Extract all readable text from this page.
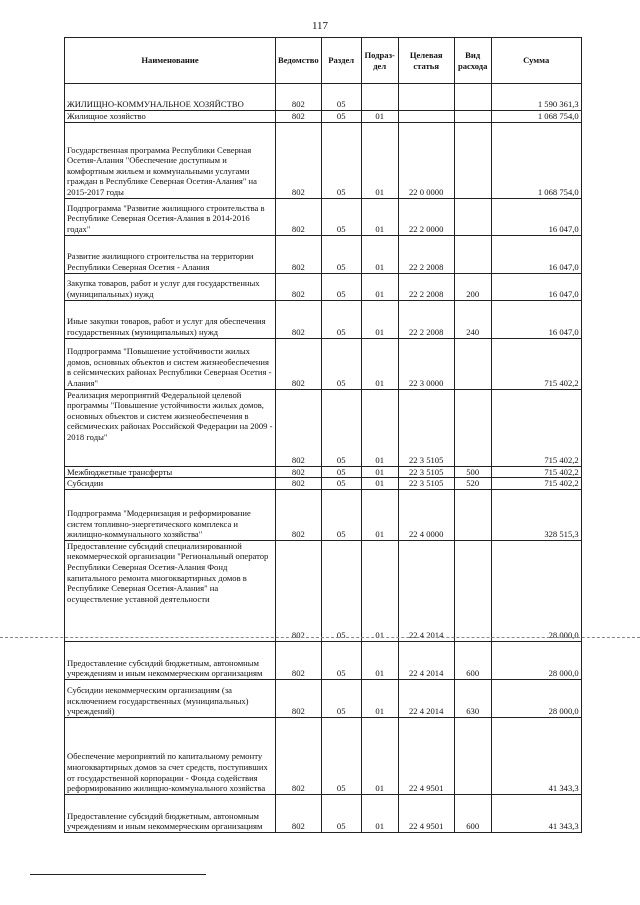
117
Наименование	Ведомство	Раздел	Подраз-дел	Целевая статья	Вид расхода	Сумма
ЖИЛИЩНО-КОММУНАЛЬНОЕ ХОЗЯЙСТВО	802	05				1 590 361,3
Жилищное хозяйство	802	05	01			1 068 754,0
Государственная программа Республики Северная Осетия-Алания "Обеспечение доступным и комфортным жильем и коммунальными услугами граждан в Республике Северная Осетия-Алания" на 2015-2017 годы	802	05	01	22 0 0000		1 068 754,0
Подпрограмма "Развитие жилищного строительства в Республике Северная Осетия-Алания в 2014-2016 годах"	802	05	01	22 2 0000		16 047,0
Развитие жилищного строительства на территории Республики Северная Осетия - Алания	802	05	01	22 2 2008		16 047,0
Закупка товаров, работ и услуг для государственных (муниципальных) нужд	802	05	01	22 2 2008	200	16 047,0
Иные закупки товаров, работ и услуг для обеспечения государственных (муниципальных) нужд	802	05	01	22 2 2008	240	16 047,0
Подпрограмма "Повышение устойчивости жилых домов, основных объектов и систем жизнеобеспечения в сейсмических районах Республики Северная Осетия - Алания"	802	05	01	22 3 0000		715 402,2
Реализация мероприятий Федеральной целевой программы "Повышение устойчивости жилых домов, основных объектов и систем жизнеобеспечения в сейсмических районах Российской Федерации на 2009 - 2018 годы"	802	05	01	22 3 5105		715 402,2
Межбюджетные трансферты	802	05	01	22 3 5105	500	715 402,2
Субсидии	802	05	01	22 3 5105	520	715 402,2
Подпрограмма "Модернизация и реформирование систем топливно-энергетического комплекса и жилищно-коммунального хозяйства"	802	05	01	22 4 0000		328 515,3
Предоставление субсидий специализированной некоммерческой организации "Региональный оператор Республики Северная Осетия-Алания Фонд капитального ремонта многоквартирных домов в Республике Северная Осетия-Алания" на осуществление уставной деятельности	802	05	01	22 4 2014		28 000,0
Предоставление субсидий бюджетным, автономным учреждениям и иным некоммерческим организациям	802	05	01	22 4 2014	600	28 000,0
Субсидии некоммерческим организациям (за исключением государственных (муниципальных) учреждений)	802	05	01	22 4 2014	630	28 000,0
Обеспечение мероприятий по капитальному ремонту многоквартирных домов за счет средств, поступивших от государственной корпорации - Фонда содействия реформированию жилищно-коммунального хозяйства	802	05	01	22 4 9501		41 343,3
Предоставление субсидий бюджетным, автономным учреждениям и иным некоммерческим организациям	802	05	01	22 4 9501	600	41 343,3
